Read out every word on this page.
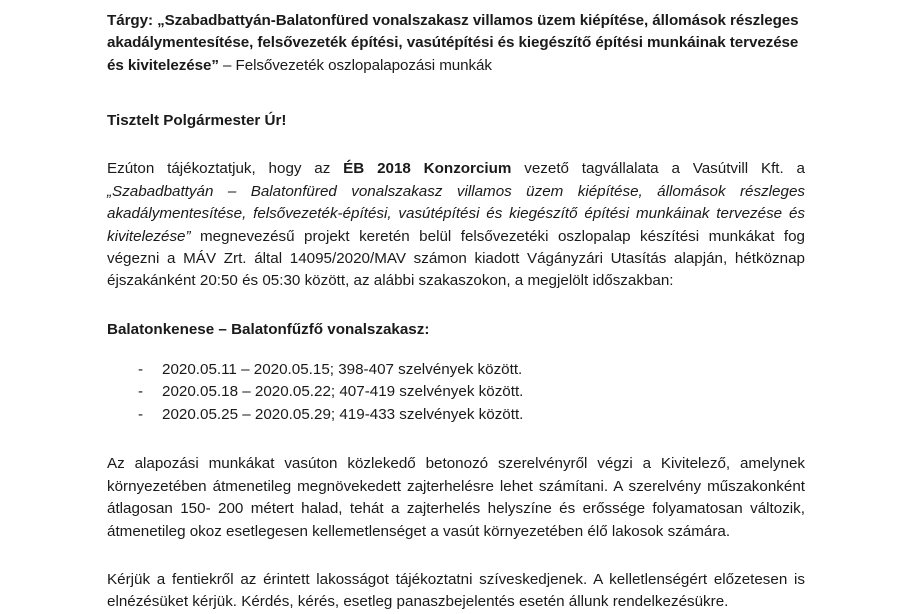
Tárgy: „Szabadbattyán-Balatonfüred vonalszakasz villamos üzem kiépítése, állomások részleges akadálymentesítése, felsővezeték építési, vasútépítési és kiegészítő építési munkáinak tervezése és kivitelezése” – Felsővezeték oszlopalapozási munkák

Tisztelt Polgármester Úr!

Ezúton tájékoztatjuk, hogy az ÉB 2018 Konzorcium vezető tagvállalata a Vasútvill Kft. a „Szabadbattyán – Balatonfüred vonalszakasz villamos üzem kiépítése, állomások részleges akadálymentesítése, felsővezeték-építési, vasútépítési és kiegészítő építési munkáinak tervezése és kivitelezése” megnevezésű projekt keretén belül felsővezetéki oszlopalap készítési munkákat fog végezni a MÁV Zrt. által 14095/2020/MAV számon kiadott Vágányzári Utasítás alapján, hétköznap éjszakánként 20:50 és 05:30 között, az alábbi szakaszokon, a megjelölt időszakban:

Balatonkenese – Balatonfűzfő vonalszakasz:

- 2020.05.11 – 2020.05.15; 398-407 szelvények között.
- 2020.05.18 – 2020.05.22; 407-419 szelvények között.
- 2020.05.25 – 2020.05.29; 419-433 szelvények között.

Az alapozási munkákat vasúton közlekedő betonozó szerelvényről végzi a Kivitelező, amelynek környezetében átmenetileg megnövekedett zajterhelésre lehet számítani. A szerelvény műszakonként átlagosan 150- 200 métert halad, tehát a zajterhelés helyszíne és erőssége folyamatosan változik, átmenetileg okoz esetlegesen kellemetlenséget a vasút környezetében élő lakosok számára.

Kérjük a fentiekről az érintett lakosságot tájékoztatni szíveskedjenek. A kelletlenségért előzetesen is elnézésüket kérjük. Kérdés, kérés, esetleg panaszbejelentés esetén állunk rendelkezésükre.
